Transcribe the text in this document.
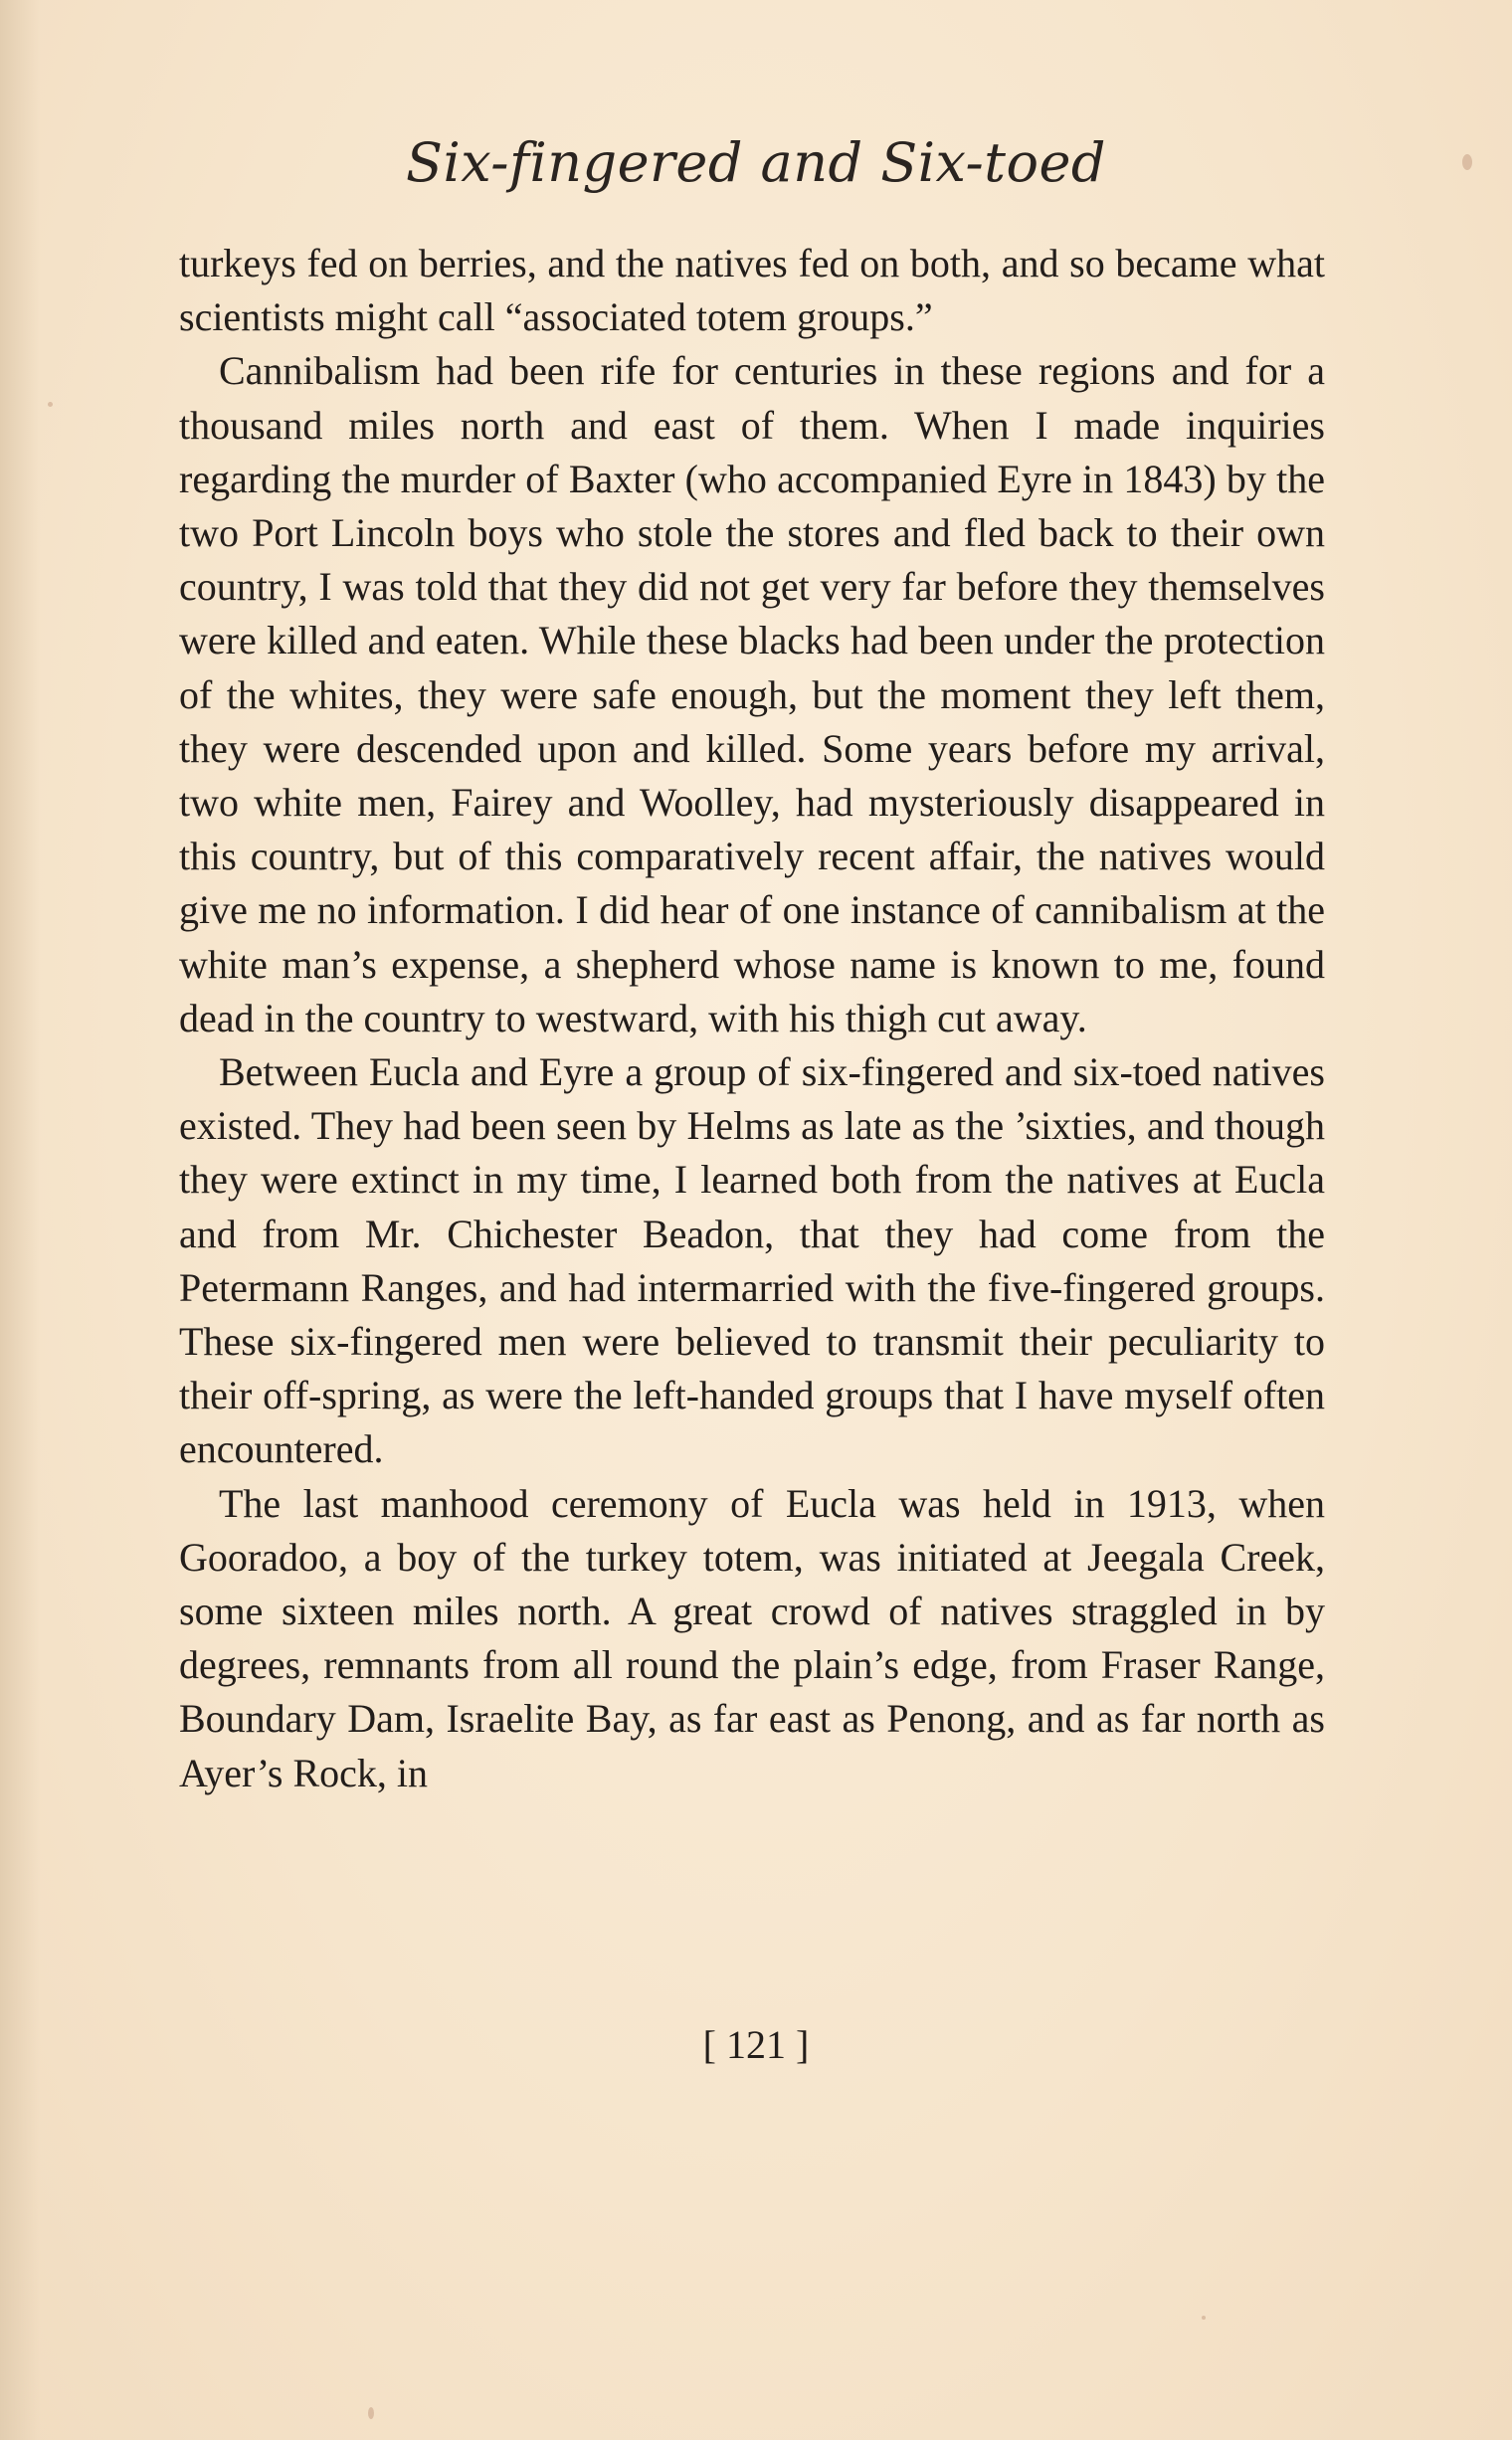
Six-fingered and Six-toed

turkeys fed on berries, and the natives fed on both, and so became what scientists might call “associated totem groups.”

Cannibalism had been rife for centuries in these regions and for a thousand miles north and east of them. When I made inquiries regarding the murder of Baxter (who accompanied Eyre in 1843) by the two Port Lincoln boys who stole the stores and fled back to their own country, I was told that they did not get very far before they themselves were killed and eaten. While these blacks had been under the protection of the whites, they were safe enough, but the moment they left them, they were descended upon and killed. Some years before my arrival, two white men, Fairey and Woolley, had mysteriously disappeared in this country, but of this comparatively recent affair, the natives would give me no information. I did hear of one instance of cannibalism at the white man’s expense, a shepherd whose name is known to me, found dead in the country to westward, with his thigh cut away.

Between Eucla and Eyre a group of six-fingered and six-toed natives existed. They had been seen by Helms as late as the ’sixties, and though they were extinct in my time, I learned both from the natives at Eucla and from Mr. Chichester Beadon, that they had come from the Petermann Ranges, and had intermarried with the five-fingered groups. These six-fingered men were believed to transmit their peculiarity to their off-spring, as were the left-handed groups that I have myself often encountered.

The last manhood ceremony of Eucla was held in 1913, when Gooradoo, a boy of the turkey totem, was initiated at Jeegala Creek, some sixteen miles north. A great crowd of natives straggled in by degrees, remnants from all round the plain’s edge, from Fraser Range, Boundary Dam, Israelite Bay, as far east as Penong, and as far north as Ayer’s Rock, in

[ 121 ]
